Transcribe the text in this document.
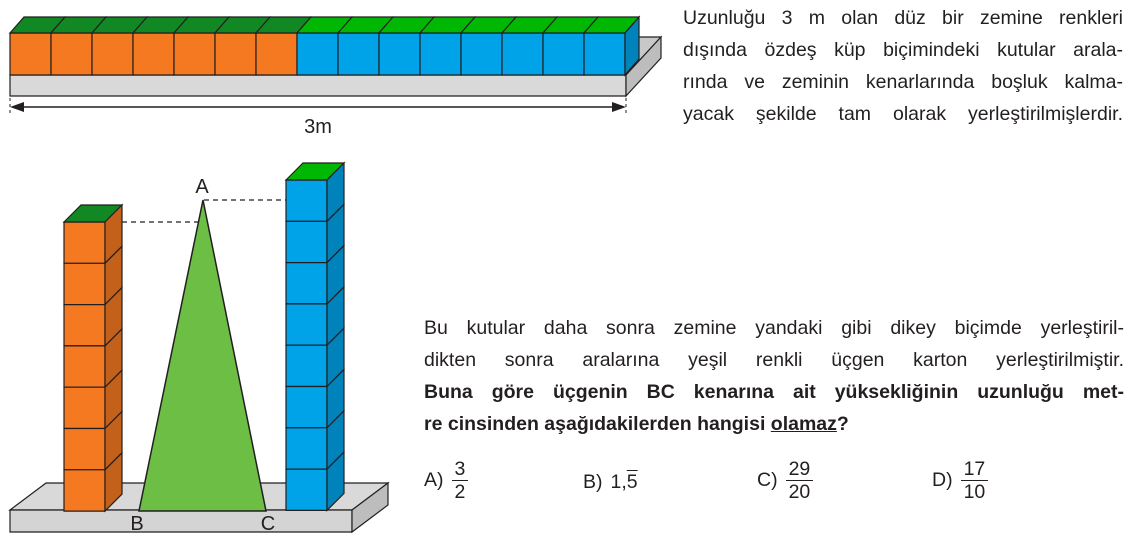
3m
A
B	C
Uzunluğu 3 m olan düz bir zemine renkleri
dışında özdeş küp biçimindeki kutular arala-
rında ve zeminin kenarlarında boşluk kalma-
yacak şekilde tam olarak yerleştirilmişlerdir.
Bu kutular daha sonra zemine yandaki gibi dikey biçimde yerleştiril-
dikten sonra aralarına yeşil renkli üçgen karton yerleştirilmiştir.
Buna göre üçgenin BC kenarına ait yüksekliğinin uzunluğu met-
re cinsinden aşağıdakilerden hangisi olamaz?
$A) \frac{3}{2}$	B) 1,5	$C) \frac{29}{20}$	$D) \frac{17}{10}$
